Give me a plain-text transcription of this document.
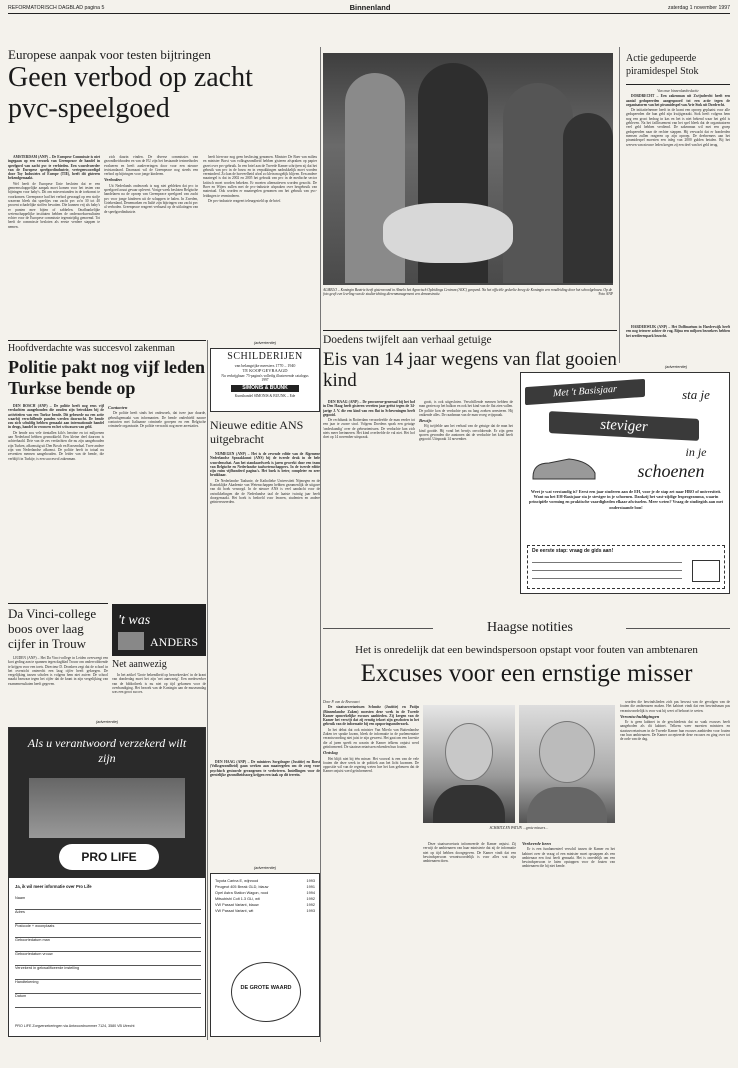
REFORMATORISCH DAGBLAD pagina 5	Binnenland	zaterdag 1 november 1997
Europese aanpak voor testen bijtringen
Geen verbod op zacht pvc-speelgoed

AMSTERDAM (ANP) – De Europese Commissie is niet ingegaan op een verzoek van Greenpeace de handel in speelgoed van zacht pvc te verbieden. Een woordvoerder van de Europese speelgoedindustrie, vertegenwoordigd door Toy Industries of Europe (TIE), heeft dit gisteren bekendgemaakt.

Wel heeft de Europese Unie besloten dat er een gemeenschappelijke aanpak moet komen voor het testen van bijtringen voor baby's. Dit om misverstanden in de toekomst te voorkomen. Greenpeace had het verbod gevraagd op een stofje waarvan bleek dat speeltjes van zacht pvc zo'n 30 tot 40 procent schadelijke stoffen bevatten. Die kunnen vrij als baby's er punten mee bijten of sabbelen. Onafhankelijke wetenschappelijke instituten hebben de onderzoeksresultaten echter voor de Europese commissie tegenstrijdig genoemd. Tot heeft de commissie besloten als eerste verdere stappen te nemen.

zich daarin vinden. De diverse commissies van gezondheidsraden en van de EU zijn het bestaande testmethodes evalueren en heeft aanleveringen door voor een nieuwe teststandaard. Daarnaast wil de Greenpeace nog steeds een verbod op bijtringen voor jonge kinderen.

Verboden

Uit Nederlands onderzoek is nog niet gebleken dat pvc in speelgoed acuut gevaar oplevert. Vorige week besloten Belgische handelaren na de oproep van Greenpeace speelgoed van zacht pvc voor jonge kinderen uit de schappen te halen. In Zweden, Griekenland, Denemarken en Italië zijn bijtringen van zacht pvc al verboden. Greenpeace reageert verbaasd op de uitlatingen van de speelgoedindustrie.

heeft hiervoor nog geen beslissing genomen. Minister De Boer van milieu en minister Borst van volksgezondheid hebben gisteren afspraken op papier gezet over pvc-gebruik. In een brief aan de Tweede Kamer schrijven zij dat het gebruik van pvc in de bouw en in verpakkingen nadrukkelijk moet worden verminderd. Zo kan de hoeveelheid afval zo klein mogelijk blijven. Een andere maatregel is dat in 2002 en 2005 het gebruik van pvc in de medische sector kritisch moet worden bekeken. Er moeten alternatieven worden gezocht. De Boer en Wijers zullen met de pvc-industrie afspraken over hergebruik van materiaal. Ook worden er maatregelen genomen om het gebruik van pvc-leidingen te verminderen.

De pvc-industrie reageert teleurgesteld op de brief.

ALMELO – Koningin Beatrix heeft gisteravond in Almelo het Agrarisch Opleidings Centrum (AOC) geopend. Na het officiële gedeelte kreeg de Koningin een rondleiding door het schoolgebouw. Op de foto geeft een leerling van de studierichting dierenmanagement een demonstratie.	Foto ANP
Actie gedupeerde piramidespel Stok

Van onze binnenlandredactie

DORDRECHT – Een zakenman uit Zwijndrecht heeft een aantal gedupeerden aangespoord tot een actie tegen de organisatoren van het piramidespel van Arie Stok uit Dordrecht.

De initiatiefnemer heeft in de krant een oproep geplaatst voor alle gedupeerden die hun geld zijn kwijtgeraakt. Stok heeft volgens hem nog een groot bedrag in kas en het is niet bekend waar het geld is gebleven. Na het faillissement van het spel bleek dat de organisatoren veel geld hebben verdiend. De zakenman wil met een groep gedupeerden naar de rechter stappen. Hij verwacht dat er honderden mensen zullen reageren op zijn oproep. De deelnemers aan het piramidespel moesten een inleg van 2000 gulden betalen. Bij het werven van nieuwe leden kregen zij een deel van het geld terug.

HARDERWIJK (ANP) – Het Dolfinarium in Harderwijk heeft een nog tetrorer achter de rug. Bijna een miljoen bezoekers hebben het zeedierenpark bezocht.

Doedens twijfelt aan verhaal getuige
Eis van 14 jaar wegens van flat gooien kind

DEN HAAG (ANP) – De procureur-generaal bij het hof in Den Haag heeft gisteren veertien jaar geëist tegen de 34-jarige J. V. die een kind van een flat in Scheveningen heeft gegooid.

De rechtbank in Rotterdam veroordeelde de man eerder tot een jaar te zware straf. Volgens Doedens sprak een getuige 'ondeskundig' over de gebeurtenissen. De verdachte kon zich niets meer herinneren. Het kind overleefde de val niet. Het hof doet op 14 november uitspraak.

gooit, is ook uitgesloten. Verschillende mensen hebben de man gezien op het balkon en ook het kind van de flat zien vallen. De politie kon de verdachte pas na lang zoeken arresteren. Hij ontkende alles. De raadsman van de man vroeg vrijspraak.

Bewijs

Hij twijfelde aan het verhaal van de getuige dat de man het kind gooide. Hij vond het bewijs onvoldoende. Er zijn geen sporen gevonden die aantonen dat de verdachte het kind heeft gegooid. Uitspraak 14 november.

(advertentie)
Met 't Basisjaar	sta je
steviger
in je
schoenen
Weet je wat verstandig is? Eerst een jaar studeren aan de EH, voor je de stap zet naar HBO of universiteit. Want na het EH-Basisjaar sta je steviger in je schoenen. Dankzij het vast-zijdige lesprogramma, waarin principiële vorming en praktische vaardigheden elkaar afwisselen. Meer weten? Vraag de studiegids aan met onderstaande bon!
De eerste stap: vraag de gids aan!
(advertentie)
SCHILDERIJEN
van belangrijke meesters 1770 – 1940
TE KOOP GEVRAAGD
Nu verkrijgbaar: 75-pagina's volledig illustrerende catalogus 1997
SIMONIS & BUUNK
Kunsthandel SIMONIS & BUUNK – Ede
Nieuwe editie ANS uitgebracht

NIJMEGEN (ANP) – Het is de zevende editie van de Algemene Nederlandse Spraakkunst (ANS) bij de tweede druk in de hele woordenschat. Aan het standaardwerk is jaren gewerkt door een team van Belgische en Nederlandse taalwetenschappers. In de tweede editie zijn ruim vijfhonderd pagina's. Het boek is beter, completer en zeer bruikbaar.

De Nederlandse Taalunie, de Katholieke Universiteit Nijmegen en de Koninklijke Akademie van Wetenschappen hebben gezamenlijk de uitgave van dit boek verzorgd. In de nieuwe ANS is veel aandacht voor de ontwikkelingen die de Nederlandse taal de laatste twintig jaar heeft doorgemaakt. Het boek is bedoeld voor leraren, studenten en andere geïnteresseerden.

DEN HAAG (ANP) – De ministers Sorgdrager (Justitie) en Borst (Volksgezondheid) gaan werken aan maatregelen om de zorg voor psychisch gestoorde gevangenen te verbeteren. Instellingen voor de geestelijke gezondheidszorg krijgen een taak op dit terrein.

Hoofdverdachte was succesvol zakenman
Politie pakt nog vijf leden Turkse bende op

DEN BOSCH (ANP) – De politie heeft nog eens vijf verdachten aangehouden die zouden zijn betrokken bij de activiteiten van een Turkse bende. Dit gebeurde na een actie waarbij verschillende panden werden doorzocht. De bende zou zich schuldig hebben gemaakt aan internationale handel in drugs, handel in vrouwen en het witwassen van geld.

De bende zou vele tientallen kilo's heroïne en tot miljoenen aan Nederland hebben gesmokkeld. Een kleine deel daarvan is achterhaald. Drie van de zes verdachten die nu zijn aangehouden zijn Turken, afkomstig uit Den Bosch en Roosendaal. Twee andere zijn van Nederlandse afkomst. De politie heeft in totaal nu zeventien mensen aangehouden. De leider van de bende, die verblijft in Turkije, is een succesvol zakenman.

Contacten

De politie heeft sinds het onderzoek, dat twee jaar duurde, gebruikgemaakt van informanten. De bende onderhield nauwe contacten met Italiaanse criminele groepen en een Belgische criminele organisatie. De politie verwacht nog meer arrestaties.

Da Vinci-college boos over laag cijfer in Trouw

LEIDEN (ANP) – Het Da Vinci-college in Leiden overweegt een kort geding aan te spannen tegen dagblad Trouw om ondervoldoende te krijgen voor een toets. Directeur D. Dronkers zegt dat de school in het overzicht onterecht een laag cijfer heeft gekregen. De vergelijking tussen scholen is volgens hem niet zuiver. De school maakt bezwaar tegen het cijfer dat de krant in zijn vergelijking van examenresultaten heeft gegeven.

't was
ANDERS
Net aanwezig

In het artikel 'Grote bekendheid op bezoekerskes' in de krant van donderdag moet het zijn 'net aanwezig'. Een medewerker van de bibliotheek is nu niet op tijd gekomen voor de overhandiging. Het bezoek van de Koningin aan de museumdag was een groot succes.

(advertentie)
Als u verantwoord verzekerd wilt zijn
PRO LIFE
Ja, ik wil meer informatie over Pro Life
Naam
Adres
Postcode + woonplaats
Geboortedatum man
Geboortedatum vrouw
Verzekerd in gekwalificeerde instelling
Handtekening
Datum
PRO LIFE Zorgverzekeringen via Antwoordnummer 7124, 3580 VB Utrecht
(advertentie)
Toyota Carina E, wijnrood	1993
Peugeot 405 Break GLD, blauw	1991
Opel Astra Station Wagon, rood	1994
Mitsubishi Colt 1.3 GLi, wit	1992
VW Passat Variant, blauw	1992
VW Passat Variant, wit	1993
DE GROTE WAARD
Haagse notities
Het is onredelijk dat een bewindspersoon opstapt voor fouten van ambtenaren
Excuses voor een ernstige misser

Door P. van de Breevaart

De staatssecretarissen Schmitz (Justitie) en Patijn (Binnenlandse Zaken) moesten deze week in de Tweede Kamer opmerkelijke excuses aanbieden. Zij kregen van de Kamer het verwijt dat zij ernstig tekort zijn geschoten in het gebruik van de informatie bij een opsporingsonderzoek.

In het debat dat ook minister Van Mierlo van Buitenlandse Zaken ter sprake kwam, bleek de informatie in de parlementaire verantwoording niet juist te zijn geweest. Het gaat om een kwestie die al jaren speelt en waarin de Kamer telkens onjuist werd geïnformeerd. De staatssecretarissen erkenden hun fouten.

Ontslag

Het blijft niet bij één misser. Het voorval is een van de vele fouten die deze week in de politiek aan het licht kwamen. De oppositie wil van de regering weten hoe het kon gebeuren dat de Kamer onjuist werd geïnformeerd.

SCHMITZ EN PATIJN …grote missers…

Deze staatssecretaris informeerde de Kamer onjuist. Zij verwijt de ambtenaren van haar ministerie dat zij de informatie niet op tijd hebben doorgegeven. De Kamer vindt dat een bewindspersoon verantwoordelijk is voor alles wat zijn ambtenaren doen.

Verkeerde been

Er is een fundamenteel verschil tussen de Kamer en het kabinet over de vraag of een minister moet opstappen als een ambtenaar een fout heeft gemaakt. Het is onredelijk om een bewindspersoon te laten opstappen voor de fouten van ambtenaren die hij niet kende.

worden die bewindslieden zich pas bewust van de gevolgen van de fouten die ambtenaren maken. Het kabinet vindt dat een bewindsman pas verantwoordelijk is voor wat hij weet of behoort te weten.

Verontschuldigingen

Er is geen kabinet in de geschiedenis dat zo vaak excuses heeft aangeboden als dit kabinet. Telkens weer moesten ministers en staatssecretarissen in de Tweede Kamer hun excuses aanbieden voor fouten van hun ambtenaren. De Kamer accepteerde deze excuses en ging over tot de orde van de dag.
